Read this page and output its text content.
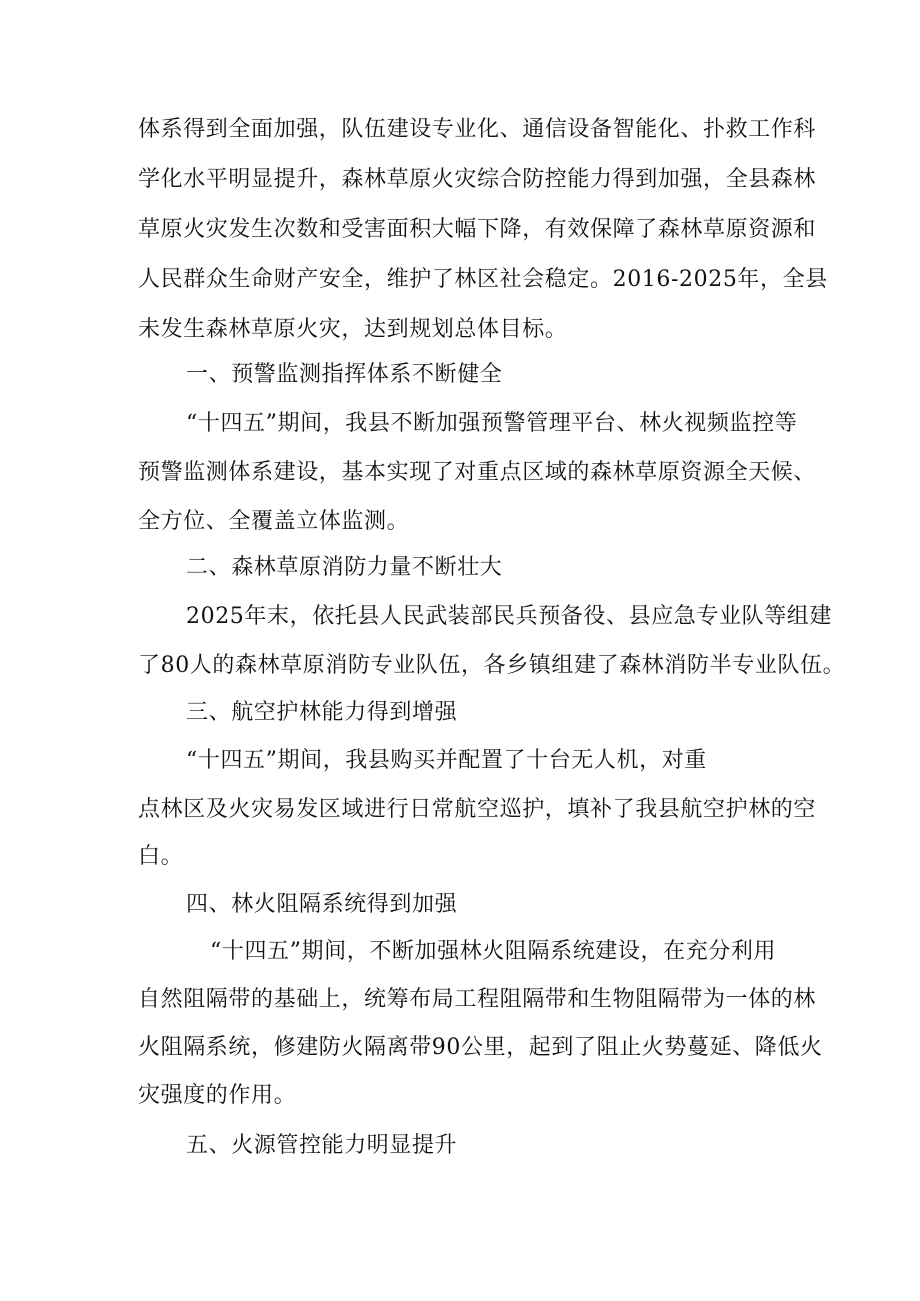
体系得到全面加强，队伍建设专业化、通信设备智能化、扑救工作科
学化水平明显提升，森林草原火灾综合防控能力得到加强，全县森林
草原火灾发生次数和受害面积大幅下降，有效保障了森林草原资源和
人民群众生命财产安全，维护了林区社会稳定。2016-2025年，全县
未发生森林草原火灾，达到规划总体目标。
一、预警监测指挥体系不断健全
“十四五”期间，我县不断加强预警管理平台、林火视频监控等
预警监测体系建设，基本实现了对重点区域的森林草原资源全天候、
全方位、全覆盖立体监测。
二、森林草原消防力量不断壮大
2025年末，依托县人民武装部民兵预备役、县应急专业队等组建
了80人的森林草原消防专业队伍，各乡镇组建了森林消防半专业队伍。
三、航空护林能力得到增强
“十四五”期间，我县购买并配置了十台无人机，对重
点林区及火灾易发区域进行日常航空巡护，填补了我县航空护林的空
白。
四、林火阻隔系统得到加强
“十四五”期间，不断加强林火阻隔系统建设，在充分利用
自然阻隔带的基础上，统筹布局工程阻隔带和生物阻隔带为一体的林
火阻隔系统，修建防火隔离带90公里，起到了阻止火势蔓延、降低火
灾强度的作用。
五、火源管控能力明显提升
